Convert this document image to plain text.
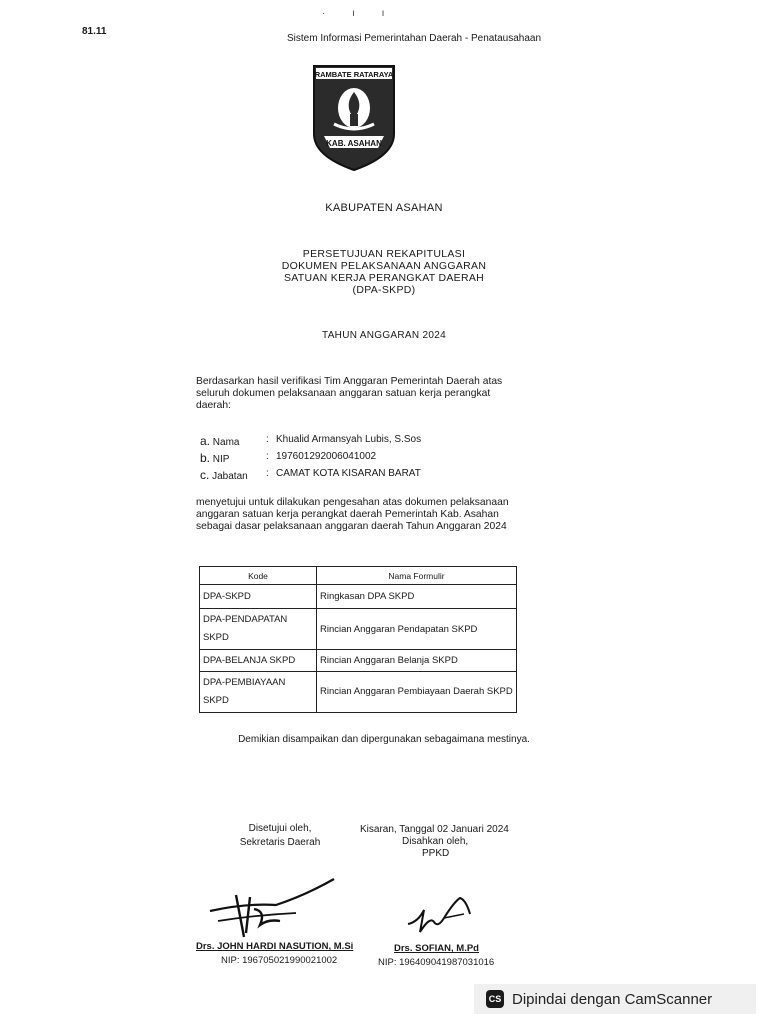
81.11
· ı ı
Sistem Informasi Pemerintahan Daerah - Penatausahaan
RAMBATE RATARAYA
KAB. ASAHAN
KABUPATEN ASAHAN
PERSETUJUAN REKAPITULASI
DOKUMEN PELAKSANAAN ANGGARAN
SATUAN KERJA PERANGKAT DAERAH
(DPA-SKPD)
TAHUN ANGGARAN 2024
Berdasarkan hasil verifikasi Tim Anggaran Pemerintah Daerah atas seluruh dokumen pelaksanaan anggaran satuan kerja perangkat daerah:
a. Nama	: Khualid Armansyah Lubis, S.Sos
b. NIP	: 197601292006041002
c. Jabatan	: CAMAT KOTA KISARAN BARAT
menyetujui untuk dilakukan pengesahan atas dokumen pelaksanaan anggaran satuan kerja perangkat daerah Pemerintah Kab. Asahan sebagai dasar pelaksanaan anggaran daerah Tahun Anggaran 2024
Kode	Nama Formulir
DPA-SKPD	Ringkasan DPA SKPD
DPA-PENDAPATAN SKPD	Rincian Anggaran Pendapatan SKPD
DPA-BELANJA SKPD	Rincian Anggaran Belanja SKPD
DPA-PEMBIAYAAN SKPD	Rincian Anggaran Pembiayaan Daerah SKPD
Demikian disampaikan dan dipergunakan sebagaimana mestinya.
Disetujui oleh,
Sekretaris Daerah
Kisaran, Tanggal 02 Januari 2024
Disahkan oleh,
PPKD
Drs. JOHN HARDI NASUTION, M.Si
NIP: 196705021990021002
Drs. SOFIAN, M.Pd
NIP: 196409041987031016
CS Dipindai dengan CamScanner
